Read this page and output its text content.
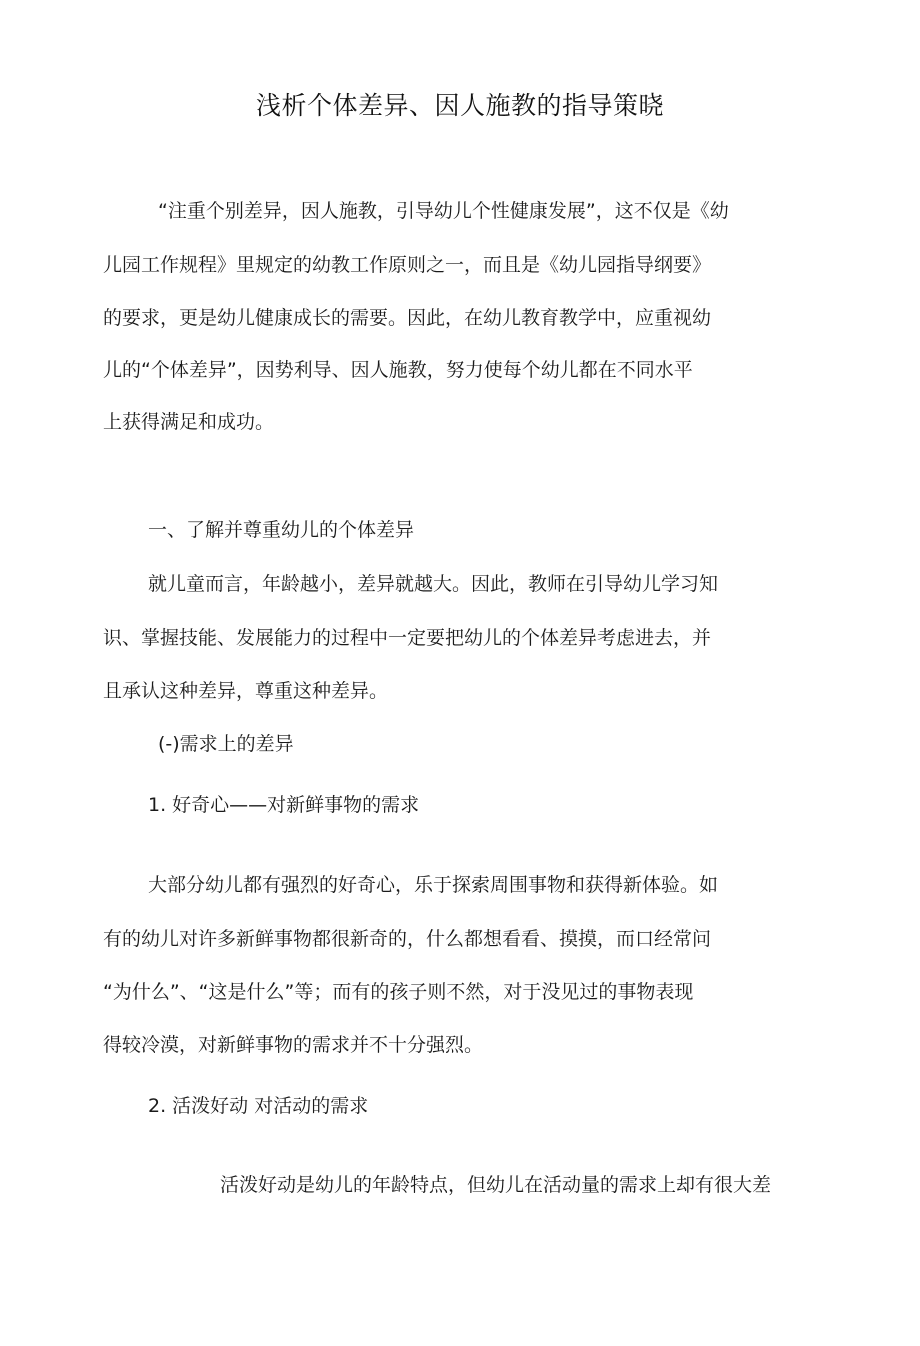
浅析个体差异、因人施教的指导策晓
“注重个别差异，因人施教，引导幼儿个性健康发展”，这不仅是《幼
儿园工作规程》里规定的幼教工作原则之一，而且是《幼儿园指导纲要》
的要求，更是幼儿健康成长的需要。因此，在幼儿教育教学中，应重视幼
儿的“个体差异”，因势利导、因人施教，努力使每个幼儿都在不同水平
上获得满足和成功。
一、了解并尊重幼儿的个体差异
就儿童而言，年龄越小，差异就越大。因此，教师在引导幼儿学习知
识、掌握技能、发展能力的过程中一定要把幼儿的个体差异考虑进去，并
且承认这种差异，尊重这种差异。
(-)需求上的差异
1. 好奇心——对新鲜事物的需求
大部分幼儿都有强烈的好奇心，乐于探索周围事物和获得新体验。如
有的幼儿对许多新鲜事物都很新奇的，什么都想看看、摸摸，而口经常问
“为什么”、“这是什么”等；而有的孩子则不然，对于没见过的事物表现
得较冷漠，对新鲜事物的需求并不十分强烈。
2. 活泼好动 对活动的需求
活泼好动是幼儿的年龄特点，但幼儿在活动量的需求上却有很大差
